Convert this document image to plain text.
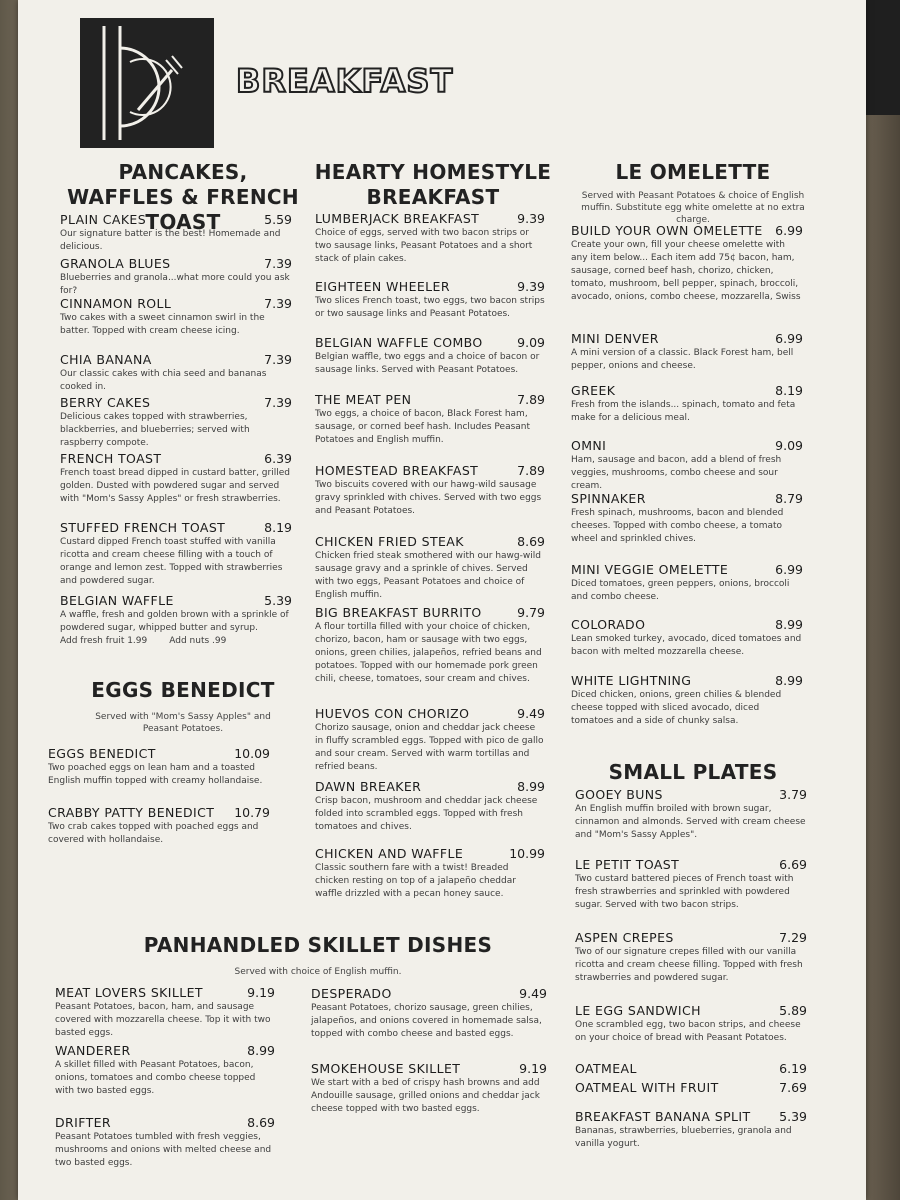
BREAKFAST
PANCAKES, WAFFLES & FRENCH TOAST
PLAIN CAKES	5.59
Our signature batter is the best! Homemade and delicious.
GRANOLA BLUES	7.39
Blueberries and granola...what more could you ask for?
CINNAMON ROLL	7.39
Two cakes with a sweet cinnamon swirl in the batter. Topped with cream cheese icing.
CHIA BANANA	7.39
Our classic cakes with chia seed and bananas cooked in.
BERRY CAKES	7.39
Delicious cakes topped with strawberries, blackberries, and blueberries; served with raspberry compote.
FRENCH TOAST	6.39
French toast bread dipped in custard batter, grilled golden. Dusted with powdered sugar and served with "Mom's Sassy Apples" or fresh strawberries.
STUFFED FRENCH TOAST	8.19
Custard dipped French toast stuffed with vanilla ricotta and cream cheese filling with a touch of orange and lemon zest. Topped with strawberries and powdered sugar.
BELGIAN WAFFLE	5.39
A waffle, fresh and golden brown with a sprinkle of powdered sugar, whipped butter and syrup.
Add fresh fruit 1.99 Add nuts .99
EGGS BENEDICT
Served with "Mom's Sassy Apples" and Peasant Potatoes.
EGGS BENEDICT	10.09
Two poached eggs on lean ham and a toasted English muffin topped with creamy hollandaise.
CRABBY PATTY BENEDICT 10.79
Two crab cakes topped with poached eggs and covered with hollandaise.
HEARTY HOMESTYLE BREAKFAST
LUMBERJACK BREAKFAST	9.39
Choice of eggs, served with two bacon strips or two sausage links, Peasant Potatoes and a short stack of plain cakes.
EIGHTEEN WHEELER	9.39
Two slices French toast, two eggs, two bacon strips or two sausage links and Peasant Potatoes.
BELGIAN WAFFLE COMBO	9.09
Belgian waffle, two eggs and a choice of bacon or sausage links. Served with Peasant Potatoes.
THE MEAT PEN	7.89
Two eggs, a choice of bacon, Black Forest ham, sausage, or corned beef hash. Includes Peasant Potatoes and English muffin.
HOMESTEAD BREAKFAST	7.89
Two biscuits covered with our hawg-wild sausage gravy sprinkled with chives. Served with two eggs and Peasant Potatoes.
CHICKEN FRIED STEAK	8.69
Chicken fried steak smothered with our hawg-wild sausage gravy and a sprinkle of chives. Served with two eggs, Peasant Potatoes and choice of English muffin.
BIG BREAKFAST BURRITO	9.79
A flour tortilla filled with your choice of chicken, chorizo, bacon, ham or sausage with two eggs, onions, green chilies, jalapeños, refried beans and potatoes. Topped with our homemade pork green chili, cheese, tomatoes, sour cream and chives.
HUEVOS CON CHORIZO	9.49
Chorizo sausage, onion and cheddar jack cheese in fluffy scrambled eggs. Topped with pico de gallo and sour cream. Served with warm tortillas and refried beans.
DAWN BREAKER	8.99
Crisp bacon, mushroom and cheddar jack cheese folded into scrambled eggs. Topped with fresh tomatoes and chives.
CHICKEN AND WAFFLE	10.99
Classic southern fare with a twist! Breaded chicken resting on top of a jalapeño cheddar waffle drizzled with a pecan honey sauce.
LE OMELETTE
Served with Peasant Potatoes & choice of English muffin. Substitute egg white omelette at no extra charge.
BUILD YOUR OWN OMELETTE 6.99
Create your own, fill your cheese omelette with any item below... Each item add 75¢ bacon, ham, sausage, corned beef hash, chorizo, chicken, tomato, mushroom, bell pepper, spinach, broccoli, avocado, onions, combo cheese, mozzarella, Swiss
MINI DENVER	6.99
A mini version of a classic. Black Forest ham, bell pepper, onions and cheese.
GREEK	8.19
Fresh from the islands... spinach, tomato and feta make for a delicious meal.
OMNI	9.09
Ham, sausage and bacon, add a blend of fresh veggies, mushrooms, combo cheese and sour cream.
SPINNAKER	8.79
Fresh spinach, mushrooms, bacon and blended cheeses. Topped with combo cheese, a tomato wheel and sprinkled chives.
MINI VEGGIE OMELETTE	6.99
Diced tomatoes, green peppers, onions, broccoli and combo cheese.
COLORADO	8.99
Lean smoked turkey, avocado, diced tomatoes and bacon with melted mozzarella cheese.
WHITE LIGHTNING	8.99
Diced chicken, onions, green chilies & blended cheese topped with sliced avocado, diced tomatoes and a side of chunky salsa.
SMALL PLATES
GOOEY BUNS	3.79
An English muffin broiled with brown sugar, cinnamon and almonds. Served with cream cheese and "Mom's Sassy Apples".
LE PETIT TOAST	6.69
Two custard battered pieces of French toast with fresh strawberries and sprinkled with powdered sugar. Served with two bacon strips.
ASPEN CREPES	7.29
Two of our signature crepes filled with our vanilla ricotta and cream cheese filling. Topped with fresh strawberries and powdered sugar.
LE EGG SANDWICH	5.89
One scrambled egg, two bacon strips, and cheese on your choice of bread with Peasant Potatoes.
OATMEAL	6.19
OATMEAL WITH FRUIT	7.69
BREAKFAST BANANA SPLIT 5.39
Bananas, strawberries, blueberries, granola and vanilla yogurt.
PANHANDLED SKILLET DISHES
Served with choice of English muffin.
MEAT LOVERS SKILLET	9.19
Peasant Potatoes, bacon, ham, and sausage covered with mozzarella cheese. Top it with two basted eggs.
WANDERER	8.99
A skillet filled with Peasant Potatoes, bacon, onions, tomatoes and combo cheese topped with two basted eggs.
DRIFTER	8.69
Peasant Potatoes tumbled with fresh veggies, mushrooms and onions with melted cheese and two basted eggs.
DESPERADO	9.49
Peasant Potatoes, chorizo sausage, green chilies, jalapeños, and onions covered in homemade salsa, topped with combo cheese and basted eggs.
SMOKEHOUSE SKILLET	9.19
We start with a bed of crispy hash browns and add Andouille sausage, grilled onions and cheddar jack cheese topped with two basted eggs.
